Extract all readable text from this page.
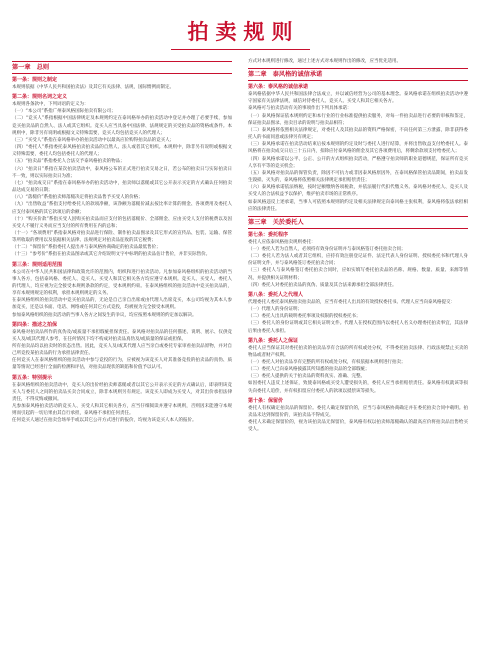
拍卖规则
第一章　总则
第一条：规则之制定
本规则依据《中华人民共和国拍卖法》及其它有关法律、法规，国际惯例而制定。
第二条：规则名词之定义
本规则各条款中，下列词语的定义为：
（一）“本公司”系指广州泰风格国际拍卖有限公司；
（二）“竞买人”系指根据中国法律规定及本规则约定在泰风格举办的拍卖活动中登记并办理了必要手续，参加竞买拍卖品的自然人、法人或其它组织。竞买人应当具备中国法律、法规规定的买受拍卖品的资格或条件。本规则中，除非另有说明或根据文义特殊需要，竞买人均包括竞买人的代理人；
（三）“买受人”系指在泰风格举办的拍卖活动中以最高应价购得拍卖品的竞买人；
（四）“委托人”系指委托泰风格拍卖拍卖品的自然人、法人或者其它组织。本规则中，除非另有说明或根据文义特殊需要，委托人均包括委托人的代理人；
（五）“拍卖品”系指委托人合法交予泰风格拍卖的物品；
（六）“拍卖日”系指在某次拍卖活动中，泰风格公布的正式进行拍卖交易之日，若公布的拍卖日与实际拍卖日不一致，则以实际拍卖日为准；
（七）“拍卖成交日”系指在泰风格举办的拍卖活动中，拍卖师以落槌或其它公开表示买定的方式确认任何拍卖品达成交易的日期；
（八）“落槌价”系指拍卖师落槌决定将拍卖品售予买受人的价格；
（九）“出售收益”系指支付给委托人的款项净额，该净额为落槌价减去按比率计算的佣金、各项费用及委托人应支付泰风格的其它款项后的余额；
（十）“购买价款”系指买受人因购买拍卖品而应支付的包括落槌价、全部佣金、应由买受人支付的税费以及因买受人不履行义务而应当支付的所有费用在内的总和；
（十一）“各项费用”系指泰风格对拍卖品进行保险、制作拍卖品图录及其它形式的宣传品、包装、运输、保管等所收取的费用以及依据相关法律、法规规定对拍卖品征收的其它税费；
（十二）“保留价”系指委托人提出并与泰风格协商确定的拍卖品最低售价；
（十三）“参考价”系指在拍卖品图录或其它介绍说明文字中标明的拍卖品估计售价，并非实际售价。
第三条：规则适用范围
本公司在中华人民共和国法律和政策允许的范围内，组织和进行拍卖活动。凡参加泰风格组织的拍卖活动的当事人各方，包括泰风格、委托人、竞买人、买受人和其它相关各方均应遵守本规则。竞买人、买受人、委托人的代理人，均应视为完全接受本规则条款的约定，受本规则约束。在泰风格组织的拍卖活动中竞买拍卖品的，享有本规则规定的权利，承担本规则规定的义务。
在泰风格组织的拍卖活动中竞买拍卖品的，无论是自己亲自出席或由代理人出席竞买，本公司均视为其本人参加竞买，还是以书面、电话、网络或任何其它方式竞投，均被视为完全接受本规则。
参加泰风格组织的拍卖活动的当事人各方之间发生的争议，均应按照本规则的约定加以解决。
第四条：描述之拍保
泰风格对拍卖品所作的真伪及/或质量不承担瑕疵担保责任。泰风格对拍卖品的任何描述、说明、展示、仅供竞买人及/或其代理人参考，在任何情况下均不构成对拍卖品真伪及/或质量的保证或担保。
所有拍卖品均以拍卖时的状态出售。因此，竞买人及/或其代理人应当亲自或委托专家审看拍卖品原物，并对自己所竞投某拍卖品的行为承担法律责任。
任何竞买人在泰风格组织的拍卖活动中参与竞投的行为，应被视为该竞买人对其准备竞投的拍卖品的真伪、质量等情况已经进行全面的检测和评估，对拍卖品现状的缺陷和价值予以认可。
第五条：特别提示
在泰风格组织的拍卖活动中，竞买人的出价经拍卖师落槌或者以其它公开表示买定的方式确认后，即表明该竞买人与委托人之间的拍卖品买卖合同成立，除非本规则另有规定。该竞买人即成为买受人，对其出价承担法律责任，不得反悔或撤回。
凡参加泰风格拍卖活动的竞买人、买受人和其它相关各方，应当仔细阅读并遵守本规则，否则因未能遵守本规则而引起的一切后果由其自行承担，泰风格不承担任何责任。
任何竞买人通过在拍卖会场举手或以其它公开方式进行的报价，均视为该竞买人本人的报价。
方式对本规则进行修改，通过上述方式对本规则作出的修改，应当优先适用。
第二章　泰风格的诚信承诺
第六条：泰风格的诚信承诺
泰风格依据中华人民共和国法律合法成立，并以诚信经营为公司的基本理念。泰风格承诺在组织拍卖活动中遵守国家有关法律法规，诚信对待委托人、竞买人、买受人和其它相关各方。
泰风格可与拍卖活动有关的事项作出下列具体承诺：
（一）泰风格保证依本规则约定和本行业的行业标准提供拍卖服务，对每一件拍卖品进行必要的审核和鉴定，保证拍卖品图录、拍卖目录的说明与拍卖品相符；
（二）泰风格将依照相关法律规定，对委托人及其拍卖品的资料严格保密，不向任何第三方泄露，除非获得委托人的书面同意或法律另有规定；
（三）泰风格承诺在拍卖活动结束后按本规则的约定及时与委托人进行结算，并将出售收益支付给委托人。泰风格将在拍卖成交日后三十五日内，扣除应付泰风格的佣金及其它各项费用后，将剩余款项支付给委托人；
（四）泰风格承诺以公平、公正、公开的方式组织拍卖活动，严格遵守拍卖师的职业道德规范，保证所有竞买人享有平等的竞买机会；
（五）泰风格对拍卖品的保管负责，除因不可抗力或非因泰风格原因外，在泰风格保管拍卖品期间，拍卖品发生毁损、灭失的，泰风格将依照相关法律规定承担赔偿责任；
（六）泰风格承诺依法纳税，按时足额缴纳各项税款，并依法履行代扣代缴义务。泰风格对委托人、竞买人及买受人的合法权益予以保护，维护拍卖市场的正常秩序。
如泰风格违反上述承诺，当事人可依照本规则的约定及相关法律规定向泰风格主张权利，泰风格将依法承担相应的法律责任。
第三章　关於委托人
第七条：委托程序
委托人应依泰风格拍卖规则委托：
（一）委托人若为自然人，必须持有效身份证明并与泰风格签订委托拍卖合同；
（二）委托人若为法人或者其它组织，应持有效注册登记证件、法定代表人身份证明、授权委托书和代理人身份证明文件，并与泰风格签订委托拍卖合同；
（三）委托人与泰风格签订委托拍卖合同时，应如实填写委托拍卖品的名称、规格、数量、质量、来源等情况，并提供相关证明材料；
（四）委托人对委托拍卖品的真伪、质量及其合法来源承担全部法律责任。
第八条：委托人之代理人
代理委托人委托泰风格拍卖拍卖品的，应当有委托人出具的有效授权委托书。代理人应当向泰风格提交：
（一）代理人的身份证明；
（二）委托人出具的载明委托事项及权限的授权委托书；
（三）委托人的身份证明或其它相关证明文件。代理人在授权范围内以委托人名义办理委托拍卖事宜，其法律后果由委托人承担。
第九条：委托人之保证
委托人应当保证其对委托拍卖的拍卖品享有合法的所有权或处分权，不得委托拍卖法律、行政法规禁止买卖的物品或者财产权利。
（一）委托人对拍卖品享有完整的所有权或处分权，有权依据本规则进行拍卖；
（二）委托人已向泰风格披露其所知悉的拍卖品的全部瑕疵；
（三）委托人提供的关于拍卖品的资料真实、准确、完整。
如因委托人违反上述保证，致使泰风格或买受人遭受损失的，委托人应当承担赔偿责任。泰风格有权就该等损失向委托人追偿，并有权扣留应付委托人的款项以抵偿该等损失。
第十条：保留价
委托人有权确定拍卖品的保留价。委托人确定保留价的，应当与泰风格协商确定并在委托拍卖合同中载明。拍卖品未达到保留价的，该拍卖品不得成交。
委托人未确定保留价的，视为该拍卖品无保留价，泰风格有权以拍卖师落槌确认的最高应价将拍卖品出售给买受人。
